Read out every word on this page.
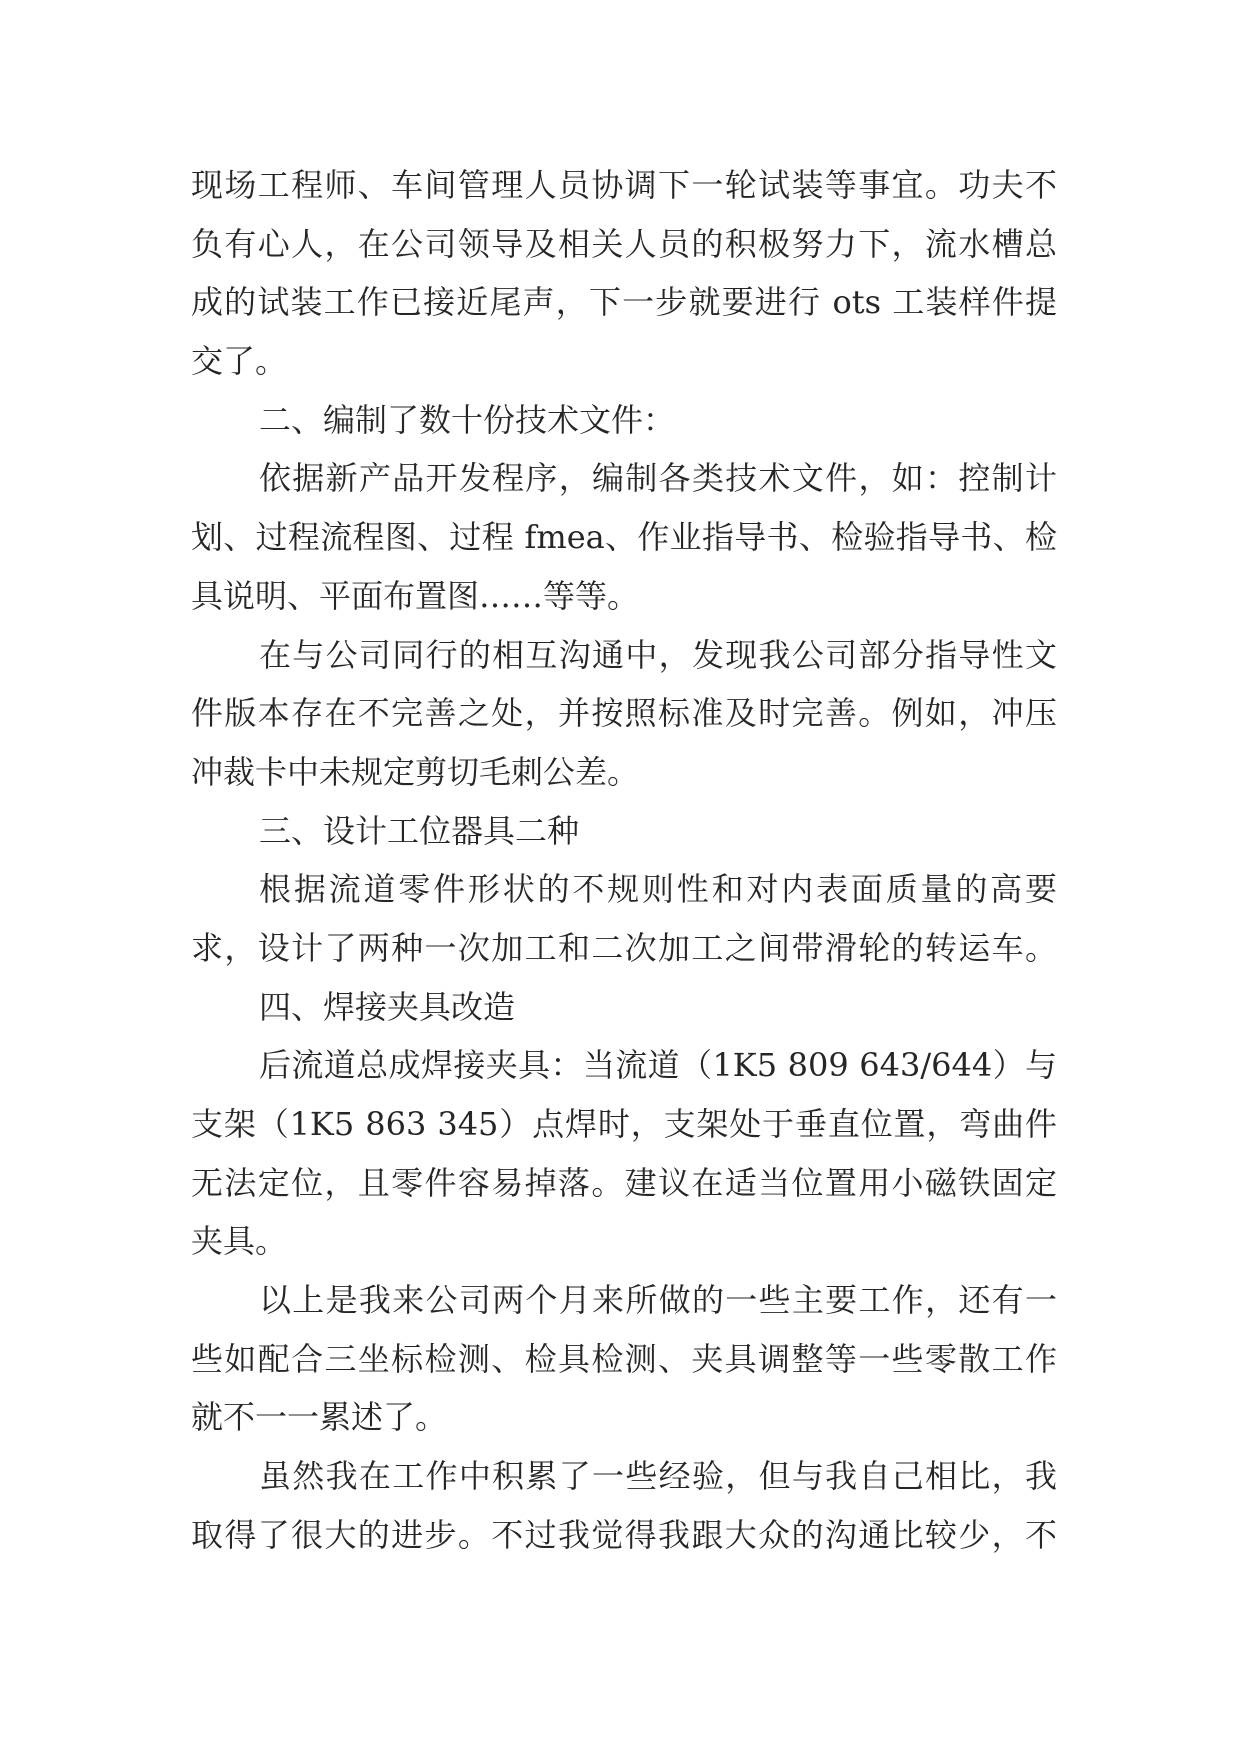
现场工程师、车间管理人员协调下一轮试装等事宜。功夫不
负有心人，在公司领导及相关人员的积极努力下，流水槽总
成的试装工作已接近尾声，下一步就要进行 ots 工装样件提
交了。
二、编制了数十份技术文件：
依据新产品开发程序，编制各类技术文件，如：控制计
划、过程流程图、过程 fmea、作业指导书、检验指导书、检
具说明、平面布置图……等等。
在与公司同行的相互沟通中，发现我公司部分指导性文
件版本存在不完善之处，并按照标准及时完善。例如，冲压
冲裁卡中未规定剪切毛刺公差。
三、设计工位器具二种
根据流道零件形状的不规则性和对内表面质量的高要
求，设计了两种一次加工和二次加工之间带滑轮的转运车。
四、焊接夹具改造
后流道总成焊接夹具：当流道（1K5 809 643/644）与
支架（1K5 863 345）点焊时，支架处于垂直位置，弯曲件
无法定位，且零件容易掉落。建议在适当位置用小磁铁固定
夹具。
以上是我来公司两个月来所做的一些主要工作，还有一
些如配合三坐标检测、检具检测、夹具调整等一些零散工作
就不一一累述了。
虽然我在工作中积累了一些经验，但与我自己相比，我
取得了很大的进步。不过我觉得我跟大众的沟通比较少，不
